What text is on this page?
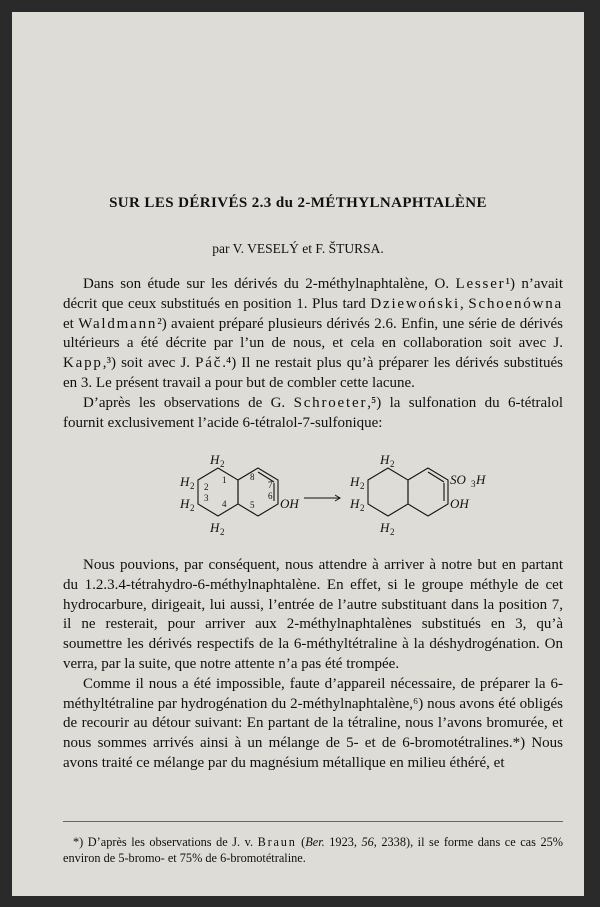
SUR LES DÉRIVÉS 2.3 du 2-MÉTHYLNAPHTALÈNE
par V. VESELÝ et F. ŠTURSA.

Dans son étude sur les dérivés du 2-méthylnaphtalène, O. Lesser¹) n’avait décrit que ceux substitués en position 1. Plus tard Dziewoński, Schoenówna et Waldmann²) avaient préparé plusieurs dérivés 2.6. Enfin, une série de dérivés ultérieurs a été décrite par l’un de nous, et cela en collaboration soit avec J. Kapp,³) soit avec J. Páč.⁴) Il ne restait plus qu’à préparer les dérivés substitués en 3. Le présent travail a pour but de combler cette lacune.

D’après les observations de G. Schroeter,⁵) la sulfonation du 6-tétralol fournit exclusivement l’acide 6-tétralol-7-sulfonique:

H 2
H 2
H 2
H 2
1
2
3
4	5
6
7
8
OH
H 2
H 2
H 2
H 2
SO 3 H
OH

Nous pouvions, par conséquent, nous attendre à arriver à notre but en partant du 1.2.3.4-tétrahydro-6-méthylnaphtalène. En effet, si le groupe méthyle de cet hydrocarbure, dirigeait, lui aussi, l’entrée de l’autre substituant dans la position 7, il ne resterait, pour arriver aux 2-méthylnaphtalènes substitués en 3, qu’à soumettre les dérivés respectifs de la 6-méthyltétraline à la déshydrogénation. On verra, par la suite, que notre attente n’a pas été trompée.

Comme il nous a été impossible, faute d’appareil nécessaire, de préparer la 6-méthyltétraline par hydrogénation du 2-méthylnaphtalène,⁶) nous avons été obligés de recourir au détour suivant: En partant de la tétraline, nous l’avons bromurée, et nous sommes arrivés ainsi à un mélange de 5- et de 6-bromotétralines.*) Nous avons traité ce mélange par du magnésium métallique en milieu éthéré, et

*) D’après les observations de J. v. Braun (Ber. 1923, 56, 2338), il se forme dans ce cas 25% environ de 5-bromo- et 75% de 6-bromotétraline.
